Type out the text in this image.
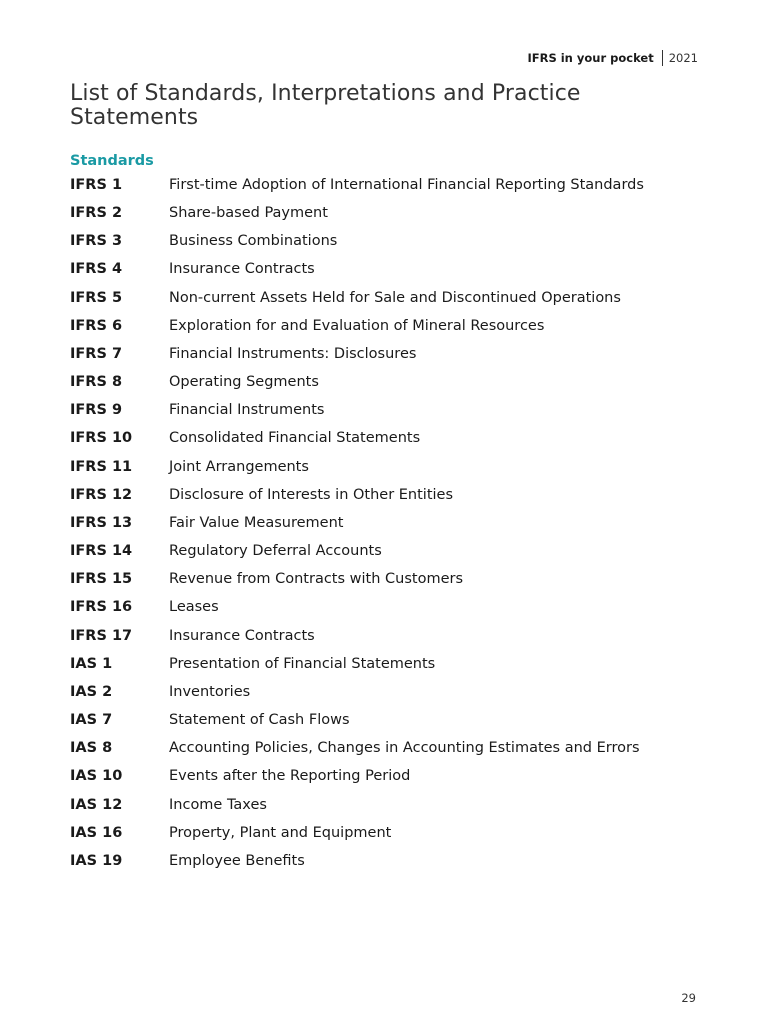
IFRS in your pocket 2021
List of Standards, Interpretations and Practice Statements
Standards
IFRS 1	First-time Adoption of International Financial Reporting Standards
IFRS 2	Share-based Payment
IFRS 3	Business Combinations
IFRS 4	Insurance Contracts
IFRS 5	Non-current Assets Held for Sale and Discontinued Operations
IFRS 6	Exploration for and Evaluation of Mineral Resources
IFRS 7	Financial Instruments: Disclosures
IFRS 8	Operating Segments
IFRS 9	Financial Instruments
IFRS 10	Consolidated Financial Statements
IFRS 11	Joint Arrangements
IFRS 12	Disclosure of Interests in Other Entities
IFRS 13	Fair Value Measurement
IFRS 14	Regulatory Deferral Accounts
IFRS 15	Revenue from Contracts with Customers
IFRS 16	Leases
IFRS 17	Insurance Contracts
IAS 1	Presentation of Financial Statements
IAS 2	Inventories
IAS 7	Statement of Cash Flows
IAS 8	Accounting Policies, Changes in Accounting Estimates and Errors
IAS 10	Events after the Reporting Period
IAS 12	Income Taxes
IAS 16	Property, Plant and Equipment
IAS 19	Employee Benefits
29
